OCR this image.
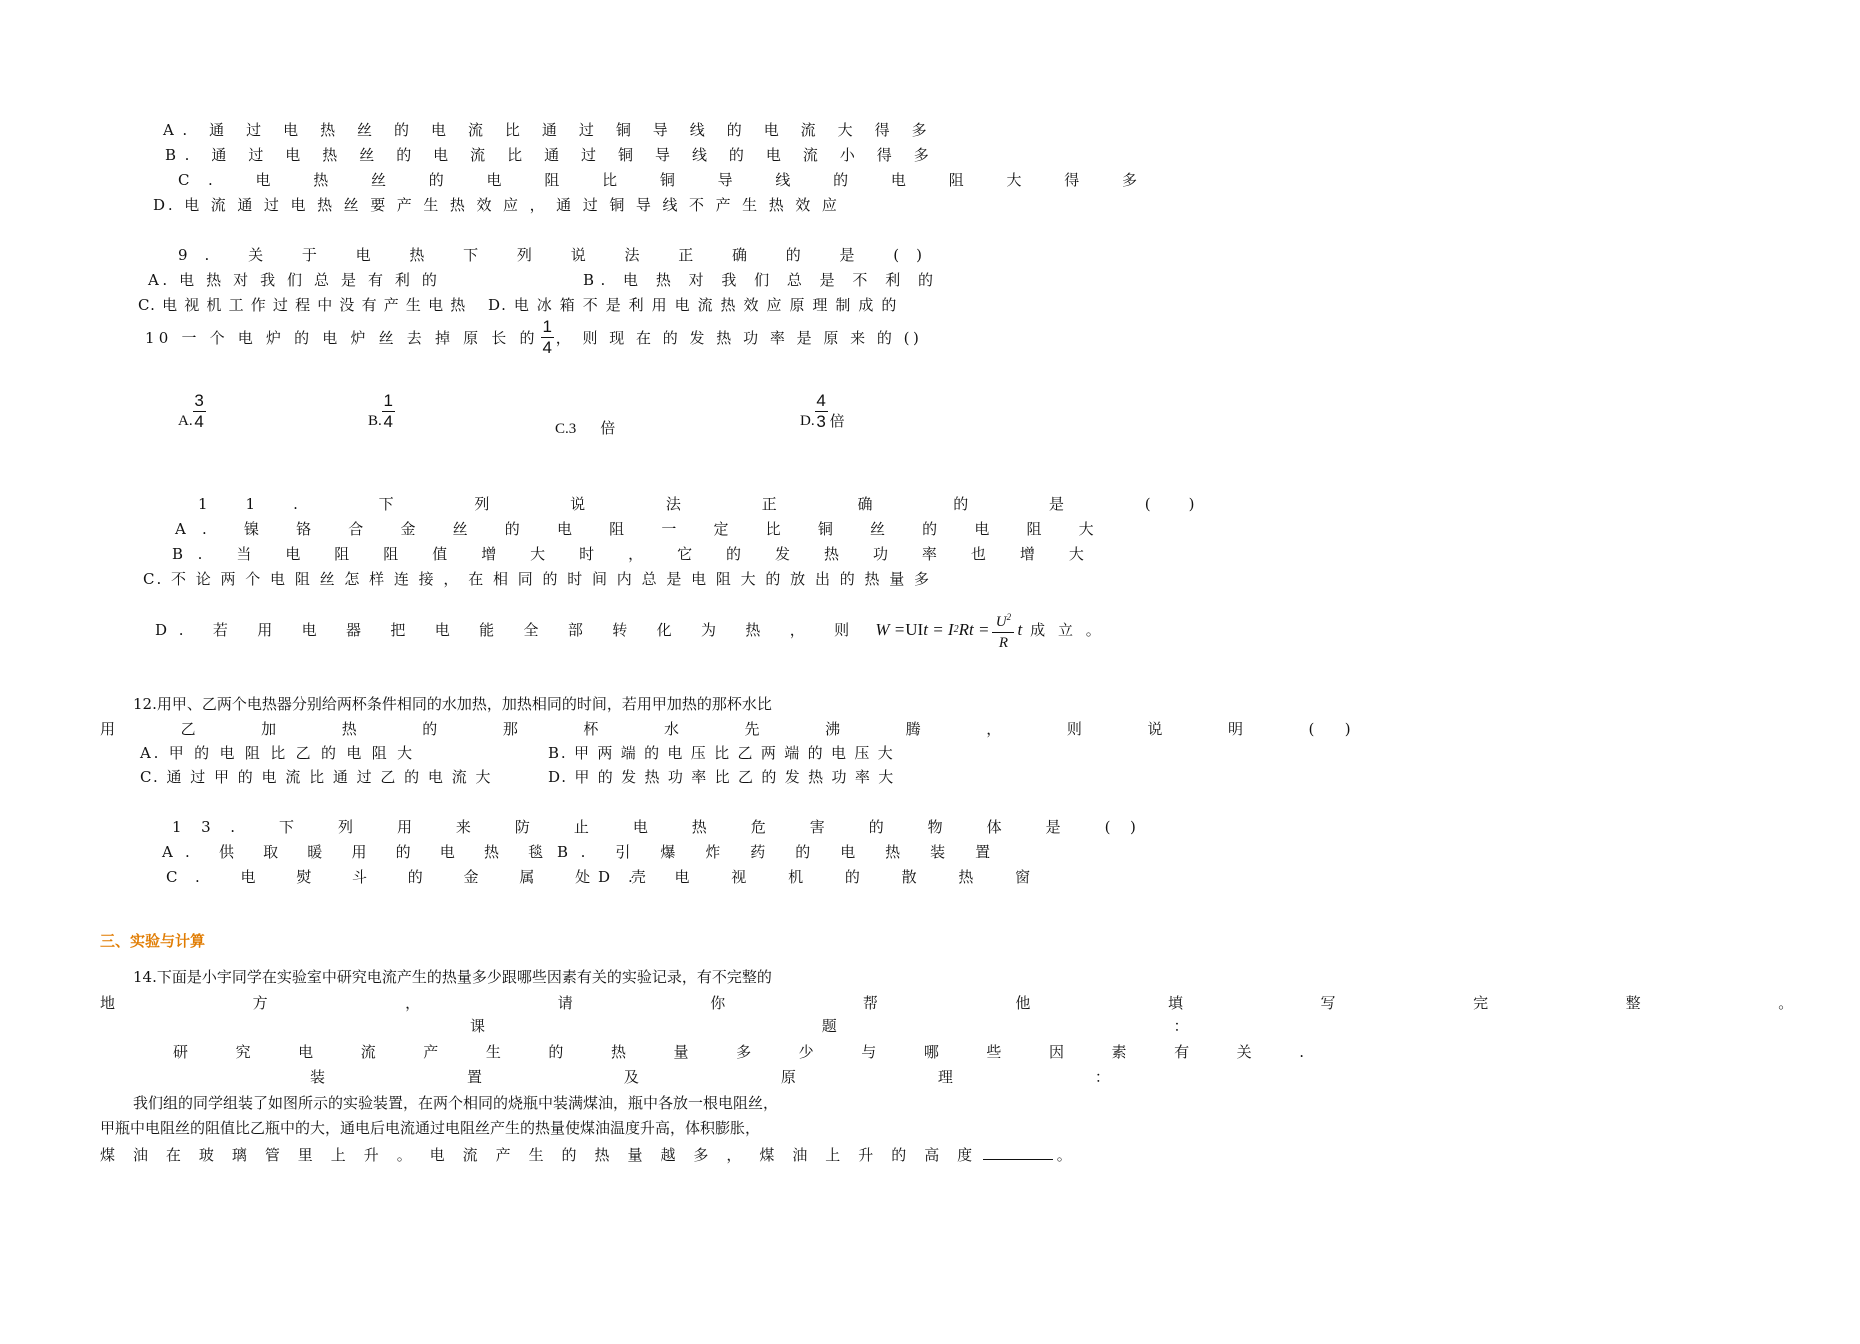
A. 通 过 电 热 丝 的 电 流 比 通 过 铜 导 线 的 电 流 大 得 多
B. 通 过 电 热 丝 的 电 流 比 通 过 铜 导 线 的 电 流 小 得 多
C. 电 热 丝 的 电 阻 比 铜 导 线 的 电 阻 大 得 多
D. 电 流 通 过 电 热 丝 要 产 生 热 效 应 ， 通 过 铜 导 线 不 产 生 热 效 应
9. 关 于 电 热 下 列 说 法 正 确 的 是 ( )
A. 电 热 对 我 们 总 是 有 利 的	B. 电 热 对 我 们 总 是 不 利 的
C. 电 视 机 工 作 过 程 中 没 有 产 生 电 热 D. 电 冰 箱 不 是 利 用 电 流 热 效 应 原 理 制 成 的
10 一 个 电 炉 的 电 炉 丝 去 掉 原 长 的 $\frac{1}{4}$ ， 则 现 在 的 发 热 功 率 是 原 来 的 ( )
A. $\frac{3}{4}$	B. $\frac{1}{4}$	C.3 倍	D. $\frac{4}{3}$ 倍
11. 下 列 说 法 正 确 的 是 ( )
A. 镍 铬 合 金 丝 的 电 阻 一 定 比 铜 丝 的 电 阻 大
B. 当 电 阻 阻 值 增 大 时 ， 它 的 发 热 功 率 也 增 大
C. 不 论 两 个 电 阻 丝 怎 样 连 接 ， 在 相 同 的 时 间 内 总 是 电 阻 大 的 放 出 的 热 量 多
D. 若 用 电 器 把 电 能 全 部 转 化 为 热 ， 则 W = UI t = I 2 $Rt = \frac{U^2}{R}$ t 成 立 。
12.用甲、乙两个电热器分别给两杯条件相同的水加热，加热相同的时间，若用甲加热的那杯水比
用 乙 加 热 的 那 杯 水 先 沸 腾 ， 则 说 明 ( )
A. 甲 的 电 阻 比 乙 的 电 阻 大	B. 甲 两 端 的 电 压 比 乙 两 端 的 电 压 大
C. 通 过 甲 的 电 流 比 通 过 乙 的 电 流 大	D. 甲 的 发 热 功 率 比 乙 的 发 热 功 率 大
13. 下 列 用 来 防 止 电 热 危 害 的 物 体 是 ( )
A. 供 取 暖 用 的 电 热 毯 B. 引 爆 炸 药 的 电 热 装 置
C. 电 熨 斗 的 金 属 处 壳
D. 电 视 机 的 散 热 窗
三、实验与计算
14.下面是小宇同学在实验室中研究电流产生的热量多少跟哪些因素有关的实验记录，有不完整的
地 方 ， 请 你 帮 他 填 写 完 整 。
课 题 ：
研 究 电 流 产 生 的 热 量 多 少 与 哪 些 因 素 有 关 .
装 置 及 原 理 ：
我们组的同学组装了如图所示的实验装置，在两个相同的烧瓶中装满煤油，瓶中各放一根电阻丝，
甲瓶中电阻丝的阻值比乙瓶中的大，通电后电流通过电阻丝产生的热量使煤油温度升高，体积膨胀，
煤 油 在 玻 璃 管 里 上 升 。 电 流 产 生 的 热 量 越 多 ， 煤 油 上 升 的 高 度	。
